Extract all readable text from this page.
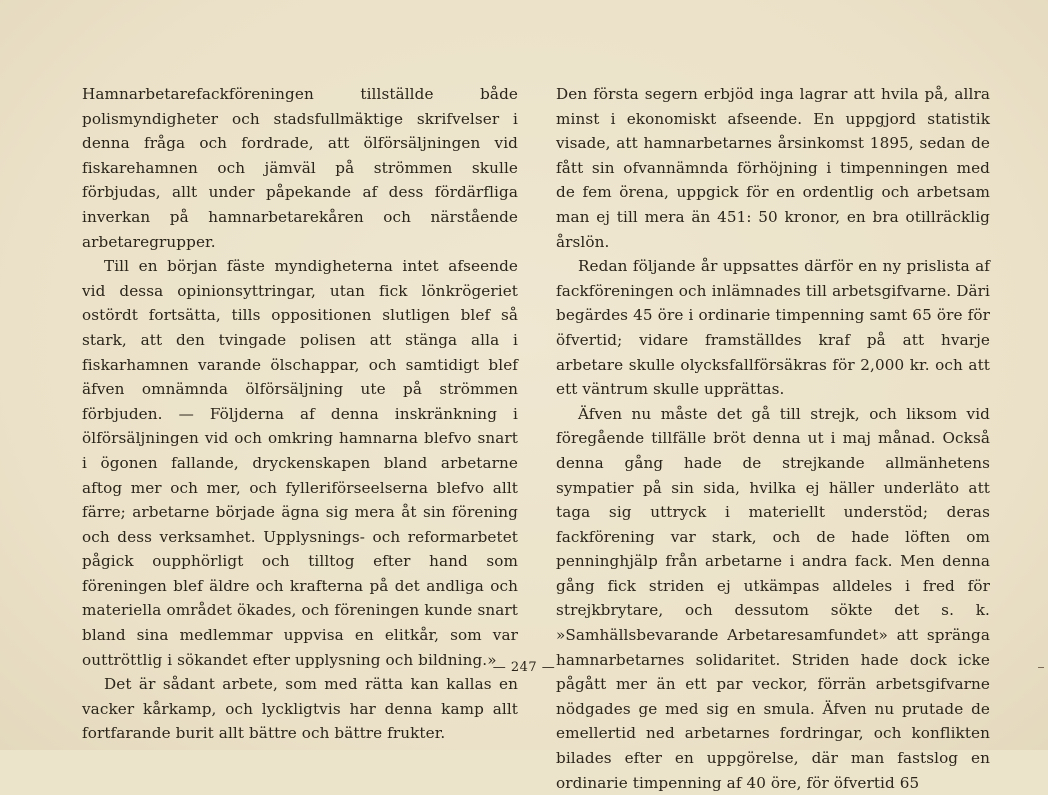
Hamnarbetarefackföreningen tillställde både polismyndigheter och stadsfullmäktige skrifvelser i denna fråga och fordrade, att ölförsäljningen vid fiskarehamnen och jämväl på strömmen skulle förbjudas, allt under påpekande af dess fördärfliga inverkan på hamnarbetarekåren och närstående arbetaregrupper.

Till en början fäste myndigheterna intet afseende vid dessa opinionsyttringar, utan fick lönkrögeriet ostördt fortsätta, tills oppositionen slutligen blef så stark, att den tvingade polisen att stänga alla i fiskarhamnen varande ölschappar, och samtidigt blef äfven omnämnda ölförsäljning ute på strömmen förbjuden. — Följderna af denna inskränkning i ölförsäljningen vid och omkring hamnarna blefvo snart i ögonen fallande, dryckenskapen bland arbetarne aftog mer och mer, och fylleriförseelserna blefvo allt färre; arbetarne började ägna sig mera åt sin förening och dess verksamhet. Upplysnings- och reformarbetet pågick oupphörligt och tilltog efter hand som föreningen blef äldre och krafterna på det andliga och materiella området ökades, och föreningen kunde snart bland sina medlemmar uppvisa en elitkår, som var outtröttlig i sökandet efter upplysning och bildning.»

Det är sådant arbete, som med rätta kan kallas en vacker kårkamp, och lyckligtvis har denna kamp allt fortfarande burit allt bättre och bättre frukter.

Den första segern erbjöd inga lagrar att hvila på, allra minst i ekonomiskt afseende. En uppgjord statistik visade, att hamnarbetarnes årsinkomst 1895, sedan de fått sin ofvannämnda förhöjning i timpenningen med de fem örena, uppgick för en ordentlig och arbetsam man ej till mera än 451: 50 kronor, en bra otillräcklig årslön.

Redan följande år uppsattes därför en ny prislista af fackföreningen och inlämnades till arbetsgifvarne. Däri begärdes 45 öre i ordinarie timpenning samt 65 öre för öfvertid; vidare framställdes kraf på att hvarje arbetare skulle olycksfallförsäkras för 2,000 kr. och att ett väntrum skulle upprättas.

Äfven nu måste det gå till strejk, och liksom vid föregående tillfälle bröt denna ut i maj månad. Också denna gång hade de strejkande allmänhetens sympatier på sin sida, hvilka ej häller underläto att taga sig uttryck i materiellt understöd; deras fackförening var stark, och de hade löften om penninghjälp från arbetarne i andra fack. Men denna gång fick striden ej utkämpas alldeles i fred för strejkbrytare, och dessutom sökte det s. k. »Samhällsbevarande Arbetaresamfundet» att spränga hamnarbetarnes solidaritet. Striden hade dock icke pågått mer än ett par veckor, förrän arbetsgifvarne nödgades ge med sig en smula. Äfven nu prutade de emellertid ned arbetarnes fordringar, och konflikten bilades efter en uppgörelse, där man fastslog en ordinarie timpenning af 40 öre, för öfvertid 65

— 247 —
